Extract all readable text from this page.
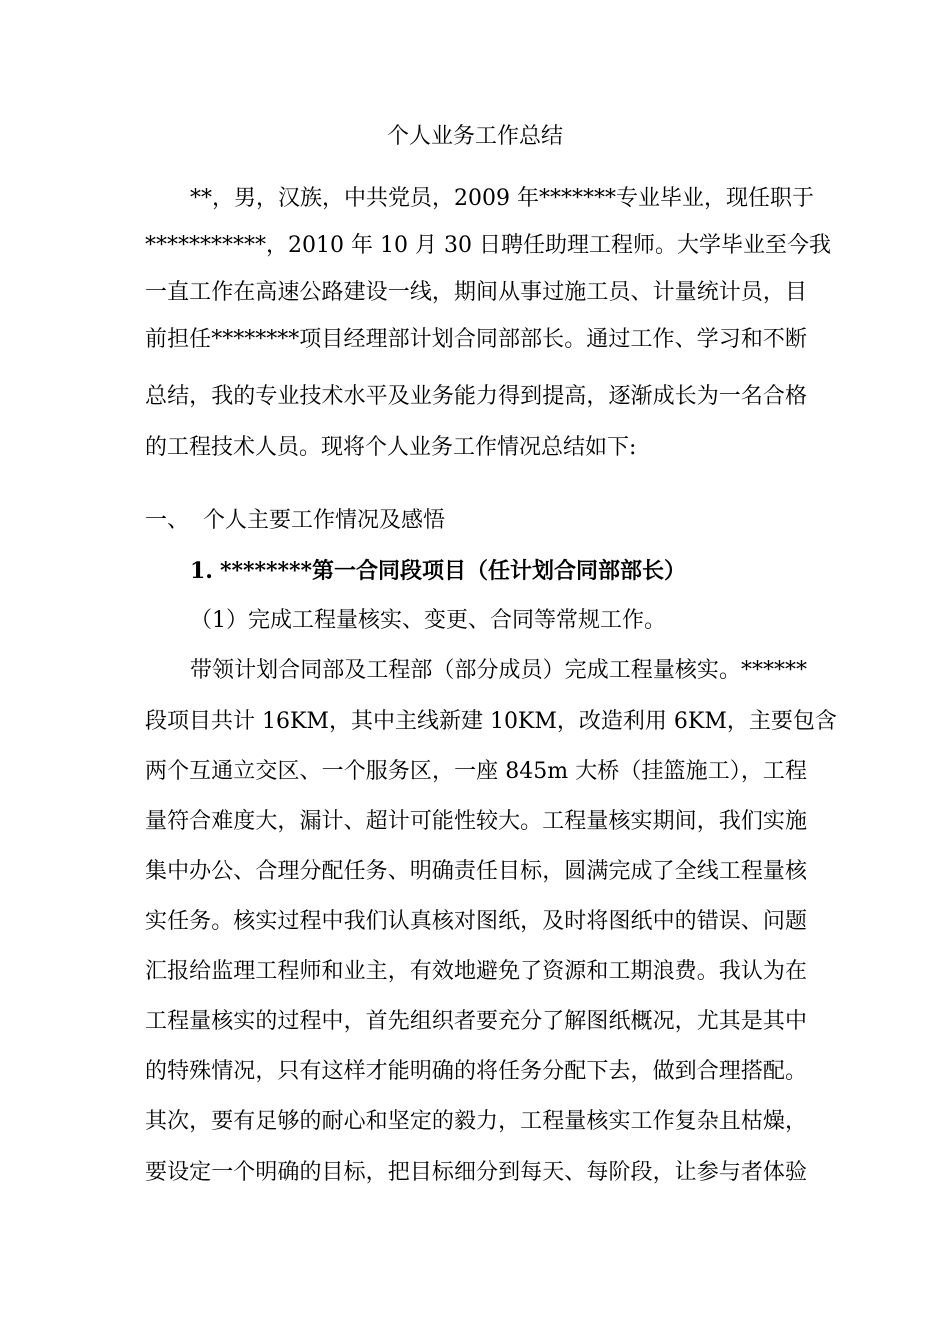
个人业务工作总结

**，男，汉族，中共党员，2009 年*******专业毕业，现任职于

***********，2010 年 10 月 30 日聘任助理工程师。大学毕业至今我

一直工作在高速公路建设一线，期间从事过施工员、计量统计员，目

前担任********项目经理部计划合同部部长。通过工作、学习和不断

总结，我的专业技术水平及业务能力得到提高，逐渐成长为一名合格

的工程技术人员。现将个人业务工作情况总结如下:

一、 个人主要工作情况及感悟

1. ********第一合同段项目（任计划合同部部长）

（1）完成工程量核实、变更、合同等常规工作。

带领计划合同部及工程部（部分成员）完成工程量核实。******

段项目共计 16KM，其中主线新建 10KM，改造利用 6KM，主要包含

两个互通立交区、一个服务区，一座 845m 大桥（挂篮施工），工程

量符合难度大，漏计、超计可能性较大。工程量核实期间，我们实施

集中办公、合理分配任务、明确责任目标，圆满完成了全线工程量核

实任务。核实过程中我们认真核对图纸，及时将图纸中的错误、问题

汇报给监理工程师和业主，有效地避免了资源和工期浪费。我认为在

工程量核实的过程中，首先组织者要充分了解图纸概况，尤其是其中

的特殊情况，只有这样才能明确的将任务分配下去，做到合理搭配。

其次，要有足够的耐心和坚定的毅力，工程量核实工作复杂且枯燥，

要设定一个明确的目标，把目标细分到每天、每阶段，让参与者体验
